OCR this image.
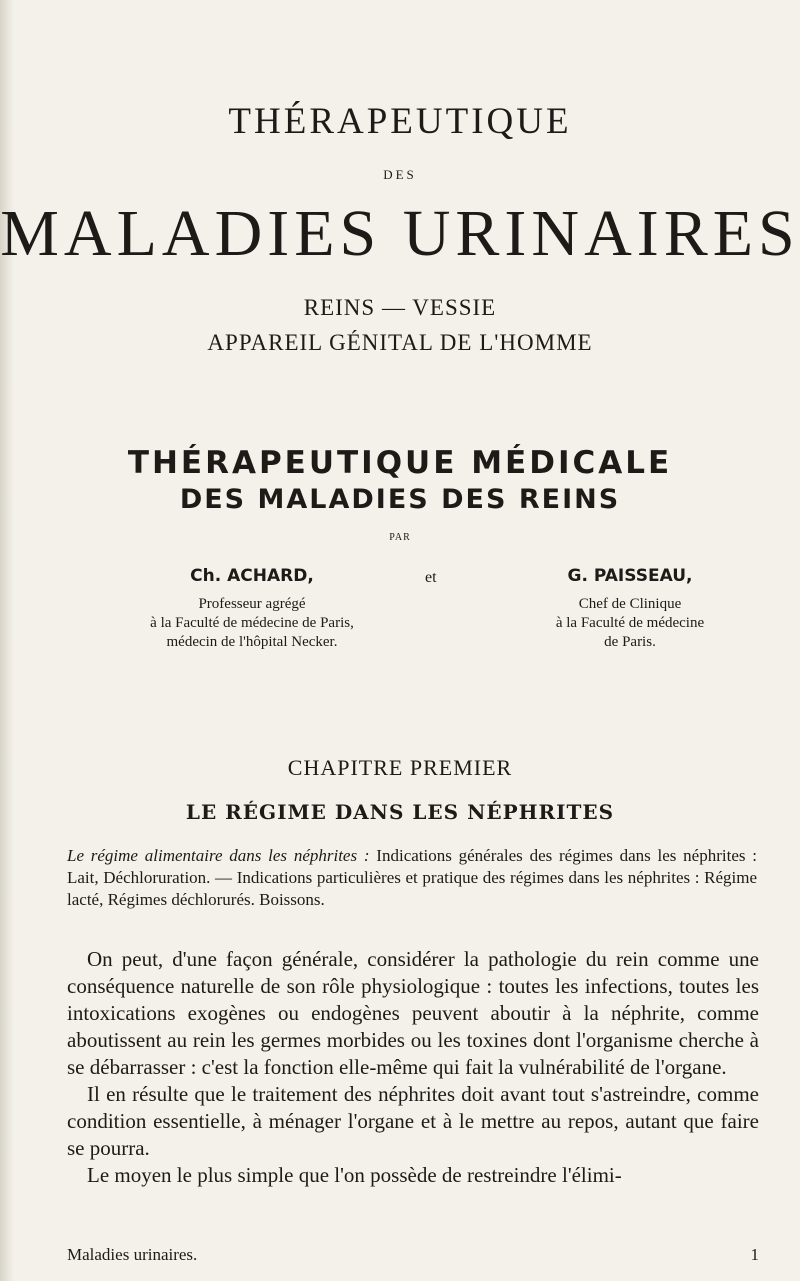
THÉRAPEUTIQUE
DES
MALADIES URINAIRES
REINS — VESSIE
APPAREIL GÉNITAL DE L'HOMME
THÉRAPEUTIQUE MÉDICALE
DES MALADIES DES REINS
PAR
Ch. ACHARD,
Professeur agrégé
à la Faculté de médecine de Paris,
médecin de l'hôpital Necker.
et	G. PAISSEAU,
Chef de Clinique
à la Faculté de médecine
de Paris.
CHAPITRE PREMIER
LE RÉGIME DANS LES NÉPHRITES
Le régime alimentaire dans les néphrites : Indications générales des régimes dans les néphrites : Lait, Déchloruration. — Indications particulières et pratique des régimes dans les néphrites : Régime lacté, Régimes déchlorurés. Boissons.

On peut, d'une façon générale, considérer la pathologie du rein comme une conséquence naturelle de son rôle physiologique : toutes les infections, toutes les intoxications exogènes ou endogènes peuvent aboutir à la néphrite, comme aboutissent au rein les germes morbides ou les toxines dont l'organisme cherche à se débarrasser : c'est la fonction elle-même qui fait la vulnérabilité de l'organe.

Il en résulte que le traitement des néphrites doit avant tout s'astreindre, comme condition essentielle, à ménager l'organe et à le mettre au repos, autant que faire se pourra.

Le moyen le plus simple que l'on possède de restreindre l'élimi-

Maladies urinaires.	1
